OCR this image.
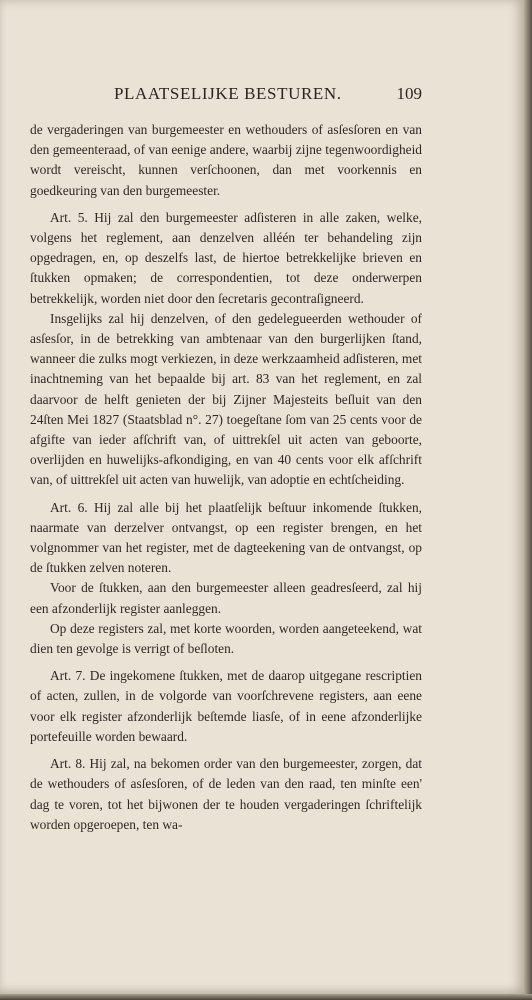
PLAATSELIJKE BESTUREN.	109

de vergaderingen van burgemeester en wethouders of asſesſoren en van den gemeenteraad, of van eenige andere, waarbij zijne tegenwoordigheid wordt vereischt, kunnen verſchoonen, dan met voorkennis en goedkeuring van den burgemeester.

Art. 5. Hij zal den burgemeester adſisteren in alle zaken, welke, volgens het reglement, aan denzelven alléén ter behandeling zijn opgedragen, en, op deszelfs last, de hiertoe betrekkelijke brieven en ſtukken opmaken; de correspondentien, tot deze onderwerpen betrekkelijk, worden niet door den ſecretaris gecontraſigneerd.

Insgelijks zal hij denzelven, of den gedelegueerden wethouder of asſesſor, in de betrekking van ambtenaar van den burgerlijken ſtand, wanneer die zulks mogt verkiezen, in deze werkzaamheid adſisteren, met inachtneming van het bepaalde bij art. 83 van het reglement, en zal daarvoor de helft genieten der bij Zijner Majesteits beſluit van den 24ſten Mei 1827 (Staatsblad n°. 27) toegeſtane ſom van 25 cents voor de afgifte van ieder afſchrift van, of uittrekſel uit acten van geboorte, overlijden en huwelijks-afkondiging, en van 40 cents voor elk afſchrift van, of uittrekſel uit acten van huwelijk, van adoptie en echtſcheiding.

Art. 6. Hij zal alle bij het plaatſelijk beſtuur inkomende ſtukken, naarmate van derzelver ontvangst, op een register brengen, en het volgnommer van het register, met de dagteekening van de ontvangst, op de ſtukken zelven noteren.

Voor de ſtukken, aan den burgemeester alleen geadresſeerd, zal hij een afzonderlijk register aanleggen.

Op deze registers zal, met korte woorden, worden aangeteekend, wat dien ten gevolge is verrigt of beſloten.

Art. 7. De ingekomene ſtukken, met de daarop uitgegane rescriptien of acten, zullen, in de volgorde van voorſchrevene registers, aan eene voor elk register afzonderlijk beſtemde liasſe, of in eene afzonderlijke portefeuille worden bewaard.

Art. 8. Hij zal, na bekomen order van den burgemeester, zorgen, dat de wethouders of asſesſoren, of de leden van den raad, ten minſte een' dag te voren, tot het bijwonen der te houden vergaderingen ſchriftelijk worden opgeroepen, ten wa-
